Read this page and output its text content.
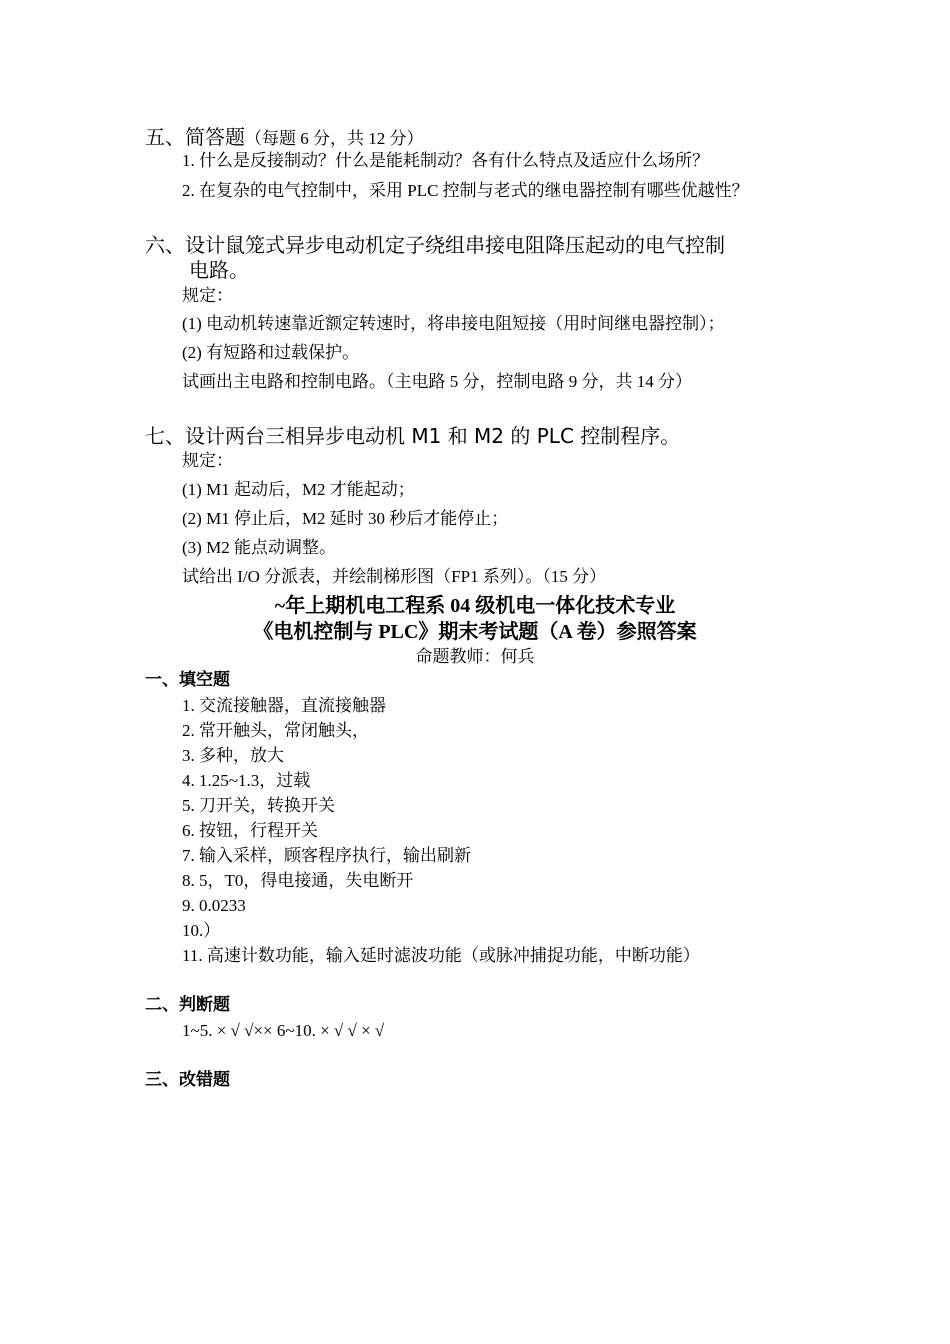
五、简答题（每题 6 分，共 12 分）
1. 什么是反接制动？什么是能耗制动？各有什么特点及适应什么场所？
2. 在复杂的电气控制中，采用 PLC 控制与老式的继电器控制有哪些优越性？
六、设计鼠笼式异步电动机定子绕组串接电阻降压起动的电气控制
电路。
规定：
(1) 电动机转速靠近额定转速时，将串接电阻短接（用时间继电器控制）；
(2) 有短路和过载保护。
试画出主电路和控制电路。（主电路 5 分，控制电路 9 分，共 14 分）
七、设计两台三相异步电动机 M1 和 M2 的 PLC 控制程序。
规定：
(1) M1 起动后，M2 才能起动；
(2) M1 停止后，M2 延时 30 秒后才能停止；
(3) M2 能点动调整。
试给出 I/O 分派表，并绘制梯形图（FP1 系列）。（15 分）
~年上期机电工程系 04 级机电一体化技术专业
《电机控制与 PLC》期末考试题（A 卷）参照答案
命题教师：何兵
一、填空题
1. 交流接触器，直流接触器
2. 常开触头，常闭触头，
3. 多种，放大
4. 1.25~1.3，过载
5. 刀开关，转换开关
6. 按钮，行程开关
7. 输入采样，顾客程序执行，输出刷新
8. 5，T0，得电接通，失电断开
9. 0.0233
10.）
11. 高速计数功能，输入延时滤波功能（或脉冲捕捉功能，中断功能）
二、判断题
1~5. × √ √×× 6~10. × √ √ × √
三、改错题
